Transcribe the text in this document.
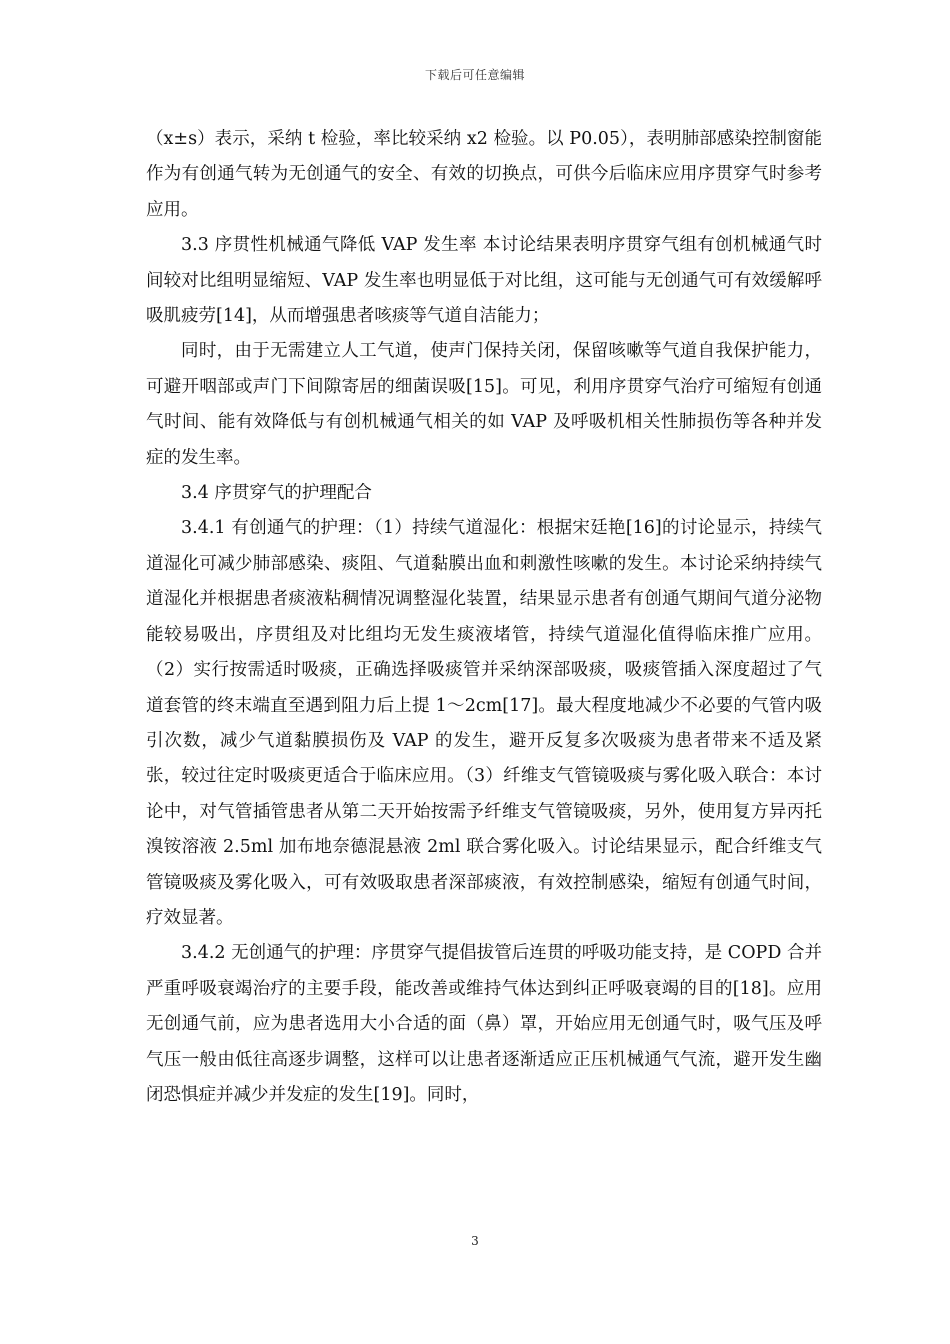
下载后可任意编辑

（x±s）表示，采纳 t 检验，率比较采纳 x2 检验。以 P0.05），表明肺部感染控制窗能作为有创通气转为无创通气的安全、有效的切换点，可供今后临床应用序贯穿气时参考应用。

3.3 序贯性机械通气降低 VAP 发生率 本讨论结果表明序贯穿气组有创机械通气时间较对比组明显缩短、VAP 发生率也明显低于对比组，这可能与无创通气可有效缓解呼吸肌疲劳[14]，从而增强患者咳痰等气道自洁能力；

同时，由于无需建立人工气道，使声门保持关闭，保留咳嗽等气道自我保护能力，可避开咽部或声门下间隙寄居的细菌误吸[15]。可见，利用序贯穿气治疗可缩短有创通气时间、能有效降低与有创机械通气相关的如 VAP 及呼吸机相关性肺损伤等各种并发症的发生率。

3.4 序贯穿气的护理配合

3.4.1 有创通气的护理：（1）持续气道湿化：根据宋廷艳[16]的讨论显示，持续气道湿化可减少肺部感染、痰阻、气道黏膜出血和刺激性咳嗽的发生。本讨论采纳持续气道湿化并根据患者痰液粘稠情况调整湿化装置，结果显示患者有创通气期间气道分泌物能较易吸出，序贯组及对比组均无发生痰液堵管，持续气道湿化值得临床推广应用。（2）实行按需适时吸痰，正确选择吸痰管并采纳深部吸痰，吸痰管插入深度超过了气道套管的终末端直至遇到阻力后上提 1～2cm[17]。最大程度地减少不必要的气管内吸引次数，减少气道黏膜损伤及 VAP 的发生，避开反复多次吸痰为患者带来不适及紧张，较过往定时吸痰更适合于临床应用。（3）纤维支气管镜吸痰与雾化吸入联合：本讨论中，对气管插管患者从第二天开始按需予纤维支气管镜吸痰，另外，使用复方异丙托溴铵溶液 2.5ml 加布地奈德混悬液 2ml 联合雾化吸入。讨论结果显示，配合纤维支气管镜吸痰及雾化吸入，可有效吸取患者深部痰液，有效控制感染，缩短有创通气时间，疗效显著。

3.4.2 无创通气的护理：序贯穿气提倡拔管后连贯的呼吸功能支持，是 COPD 合并严重呼吸衰竭治疗的主要手段，能改善或维持气体达到纠正呼吸衰竭的目的[18]。应用无创通气前，应为患者选用大小合适的面（鼻）罩，开始应用无创通气时，吸气压及呼气压一般由低往高逐步调整，这样可以让患者逐渐适应正压机械通气气流，避开发生幽闭恐惧症并减少并发症的发生[19]。同时，

3
